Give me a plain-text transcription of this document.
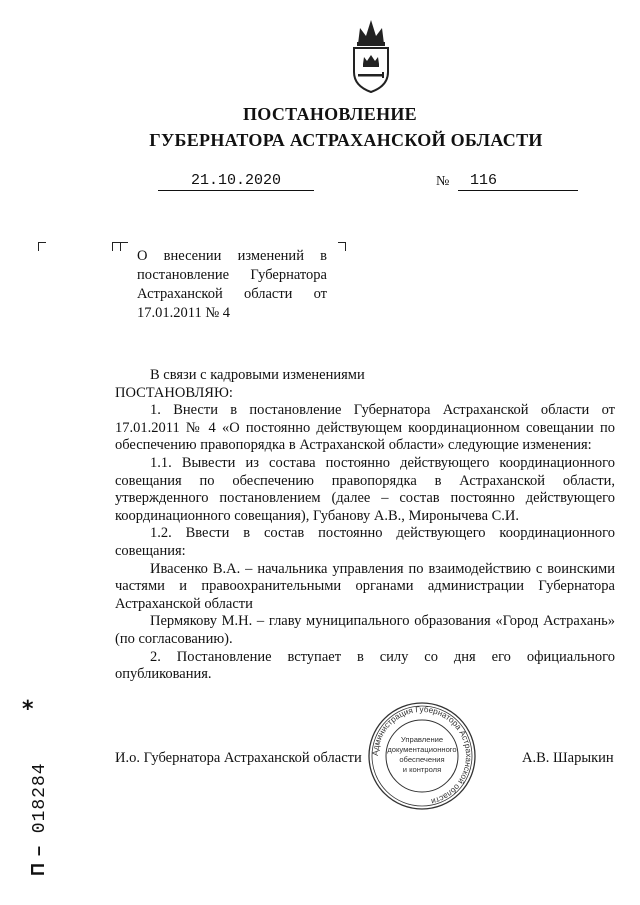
ПОСТАНОВЛЕНИЕ
ГУБЕРНАТОРА АСТРАХАНСКОЙ ОБЛАСТИ
21.10.2020	№	116
О внесении изменений в постановление Губернатора Астраханской области от 17.01.2011 № 4

В связи с кадровыми изменениями

ПОСТАНОВЛЯЮ:

1. Внести в постановление Губернатора Астраханской области от 17.01.2011 № 4 «О постоянно действующем координационном совещании по обеспечению правопорядка в Астраханской области» следующие изменения:

1.1. Вывести из состава постоянно действующего координационного совещания по обеспечению правопорядка в Астраханской области, утвержденного постановлением (далее – состав постоянно действующего координационного совещания), Губанову А.В., Миронычева С.И.

1.2. Ввести в состав постоянно действующего координационного совещания:

Ивасенко В.А. – начальника управления по взаимодействию с воинскими частями и правоохранительными органами администрации Губернатора Астраханской области

Пермякову М.Н. – главу муниципального образования «Город Астрахань» (по согласованию).

2. Постановление вступает в силу со дня его официального опубликования.

И.о. Губернатора Астраханской области	А.В. Шарыкин
Администрация Губернатора Астраханской области
Управление
документационного
обеспечения
и контроля
*
П – 018284
